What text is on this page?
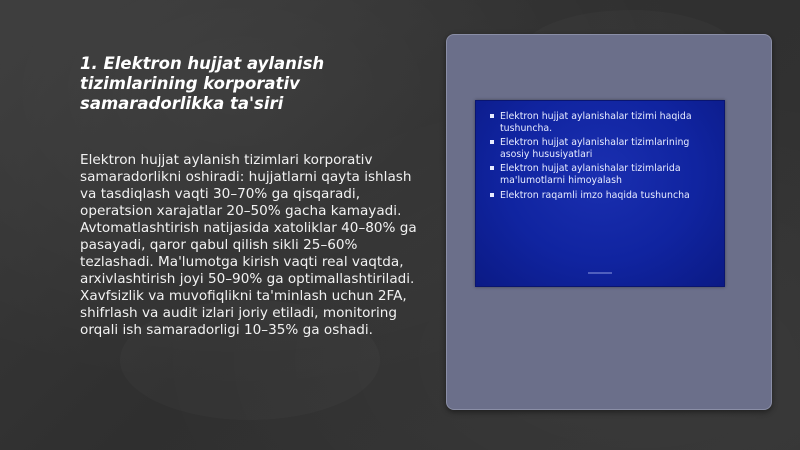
1. Elektron hujjat aylanish tizimlarining korporativ samaradorlikka ta'siri

Elektron hujjat aylanish tizimlari korporativ samaradorlikni oshiradi: hujjatlarni qayta ishlash va tasdiqlash vaqti 30–70% ga qisqaradi, operatsion xarajatlar 20–50% gacha kamayadi. Avtomatlashtirish natijasida xatoliklar 40–80% ga pasayadi, qaror qabul qilish sikli 25–60% tezlashadi. Ma'lumotga kirish vaqti real vaqtda, arxivlashtirish joyi 50–90% ga optimallashtiriladi. Xavfsizlik va muvofiqlikni ta'minlash uchun 2FA, shifrlash va audit izlari joriy etiladi, monitoring orqali ish samaradorligi 10–35% ga oshadi.

Elektron hujjat aylanishalar tizimi haqida tushuncha.
Elektron hujjat aylanishalar tizimlarining asosiy hususiyatlari
Elektron hujjat aylanishalar tizimlarida ma'lumotlarni himoyalash
Elektron raqamli imzo haqida tushuncha
